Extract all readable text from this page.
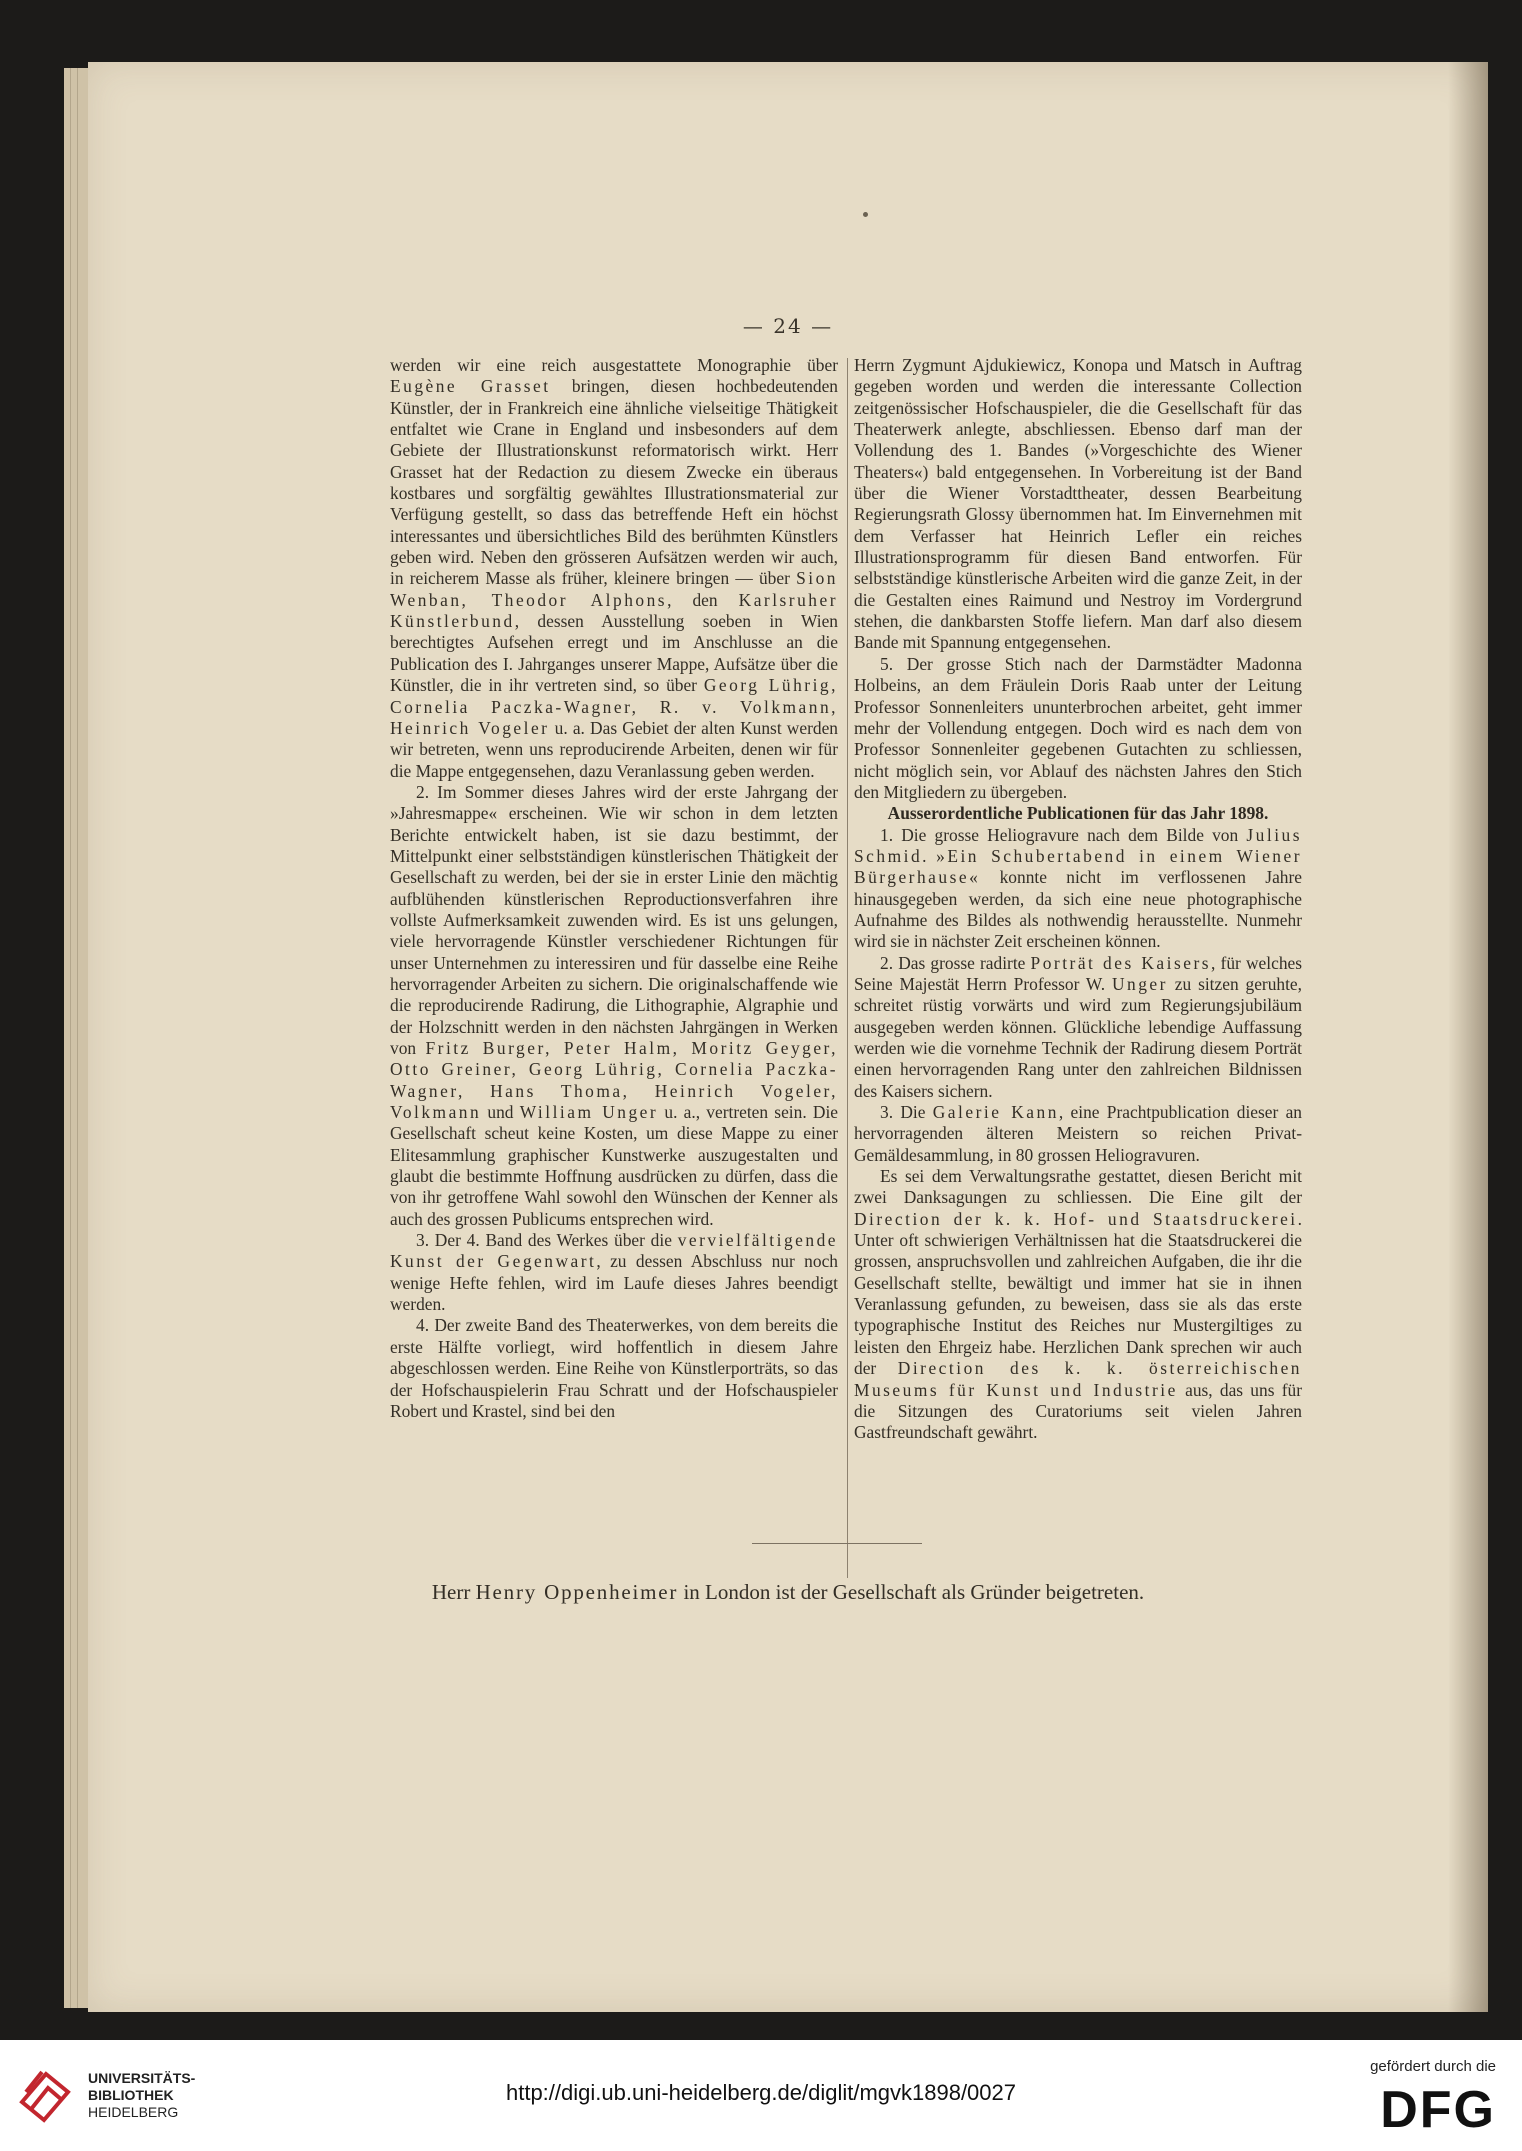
— 24 —

werden wir eine reich ausgestattete Monographie über Eugène Grasset bringen, diesen hochbedeutenden Künstler, der in Frankreich eine ähnliche vielseitige Thätigkeit entfaltet wie Crane in England und insbesonders auf dem Gebiete der Illustrationskunst reformatorisch wirkt. Herr Grasset hat der Redaction zu diesem Zwecke ein überaus kostbares und sorgfältig gewähltes Illustrationsmaterial zur Verfügung gestellt, so dass das betreffende Heft ein höchst interessantes und übersichtliches Bild des berühmten Künstlers geben wird. Neben den grösseren Aufsätzen werden wir auch, in reicherem Masse als früher, kleinere bringen — über Sion Wenban, Theodor Alphons, den Karlsruher Künstlerbund, dessen Ausstellung soeben in Wien berechtigtes Aufsehen erregt und im Anschlusse an die Publication des I. Jahrganges unserer Mappe, Aufsätze über die Künstler, die in ihr vertreten sind, so über Georg Lührig, Cornelia Paczka-Wagner, R. v. Volkmann, Heinrich Vogeler u. a. Das Gebiet der alten Kunst werden wir betreten, wenn uns reproducirende Arbeiten, denen wir für die Mappe entgegensehen, dazu Veranlassung geben werden.

2. Im Sommer dieses Jahres wird der erste Jahrgang der »Jahresmappe« erscheinen. Wie wir schon in dem letzten Berichte entwickelt haben, ist sie dazu bestimmt, der Mittelpunkt einer selbstständigen künstlerischen Thätigkeit der Gesellschaft zu werden, bei der sie in erster Linie den mächtig aufblühenden künstlerischen Reproductionsverfahren ihre vollste Aufmerksamkeit zuwenden wird. Es ist uns gelungen, viele hervorragende Künstler verschiedener Richtungen für unser Unternehmen zu interessiren und für dasselbe eine Reihe hervorragender Arbeiten zu sichern. Die originalschaffende wie die reproducirende Radirung, die Lithographie, Algraphie und der Holzschnitt werden in den nächsten Jahrgängen in Werken von Fritz Burger, Peter Halm, Moritz Geyger, Otto Greiner, Georg Lührig, Cornelia Paczka-Wagner, Hans Thoma, Heinrich Vogeler, Volkmann und William Unger u. a., vertreten sein. Die Gesellschaft scheut keine Kosten, um diese Mappe zu einer Elitesammlung graphischer Kunstwerke auszugestalten und glaubt die bestimmte Hoffnung ausdrücken zu dürfen, dass die von ihr getroffene Wahl sowohl den Wünschen der Kenner als auch des grossen Publicums entsprechen wird.

3. Der 4. Band des Werkes über die vervielfältigende Kunst der Gegenwart, zu dessen Abschluss nur noch wenige Hefte fehlen, wird im Laufe dieses Jahres beendigt werden.

4. Der zweite Band des Theaterwerkes, von dem bereits die erste Hälfte vorliegt, wird hoffentlich in diesem Jahre abgeschlossen werden. Eine Reihe von Künstlerporträts, so das der Hofschauspielerin Frau Schratt und der Hofschauspieler Robert und Krastel, sind bei den

Herrn Zygmunt Ajdukiewicz, Konopa und Matsch in Auftrag gegeben worden und werden die interessante Collection zeitgenössischer Hofschauspieler, die die Gesellschaft für das Theaterwerk anlegte, abschliessen. Ebenso darf man der Vollendung des 1. Bandes (»Vorgeschichte des Wiener Theaters«) bald entgegensehen. In Vorbereitung ist der Band über die Wiener Vorstadttheater, dessen Bearbeitung Regierungsrath Glossy übernommen hat. Im Einvernehmen mit dem Verfasser hat Heinrich Lefler ein reiches Illustrationsprogramm für diesen Band entworfen. Für selbstständige künstlerische Arbeiten wird die ganze Zeit, in der die Gestalten eines Raimund und Nestroy im Vordergrund stehen, die dankbarsten Stoffe liefern. Man darf also diesem Bande mit Spannung entgegensehen.

5. Der grosse Stich nach der Darmstädter Madonna Holbeins, an dem Fräulein Doris Raab unter der Leitung Professor Sonnenleiters ununterbrochen arbeitet, geht immer mehr der Vollendung entgegen. Doch wird es nach dem von Professor Sonnenleiter gegebenen Gutachten zu schliessen, nicht möglich sein, vor Ablauf des nächsten Jahres den Stich den Mitgliedern zu übergeben.

Ausserordentliche Publicationen für das Jahr 1898.

1. Die grosse Heliogravure nach dem Bilde von Julius Schmid. »Ein Schubertabend in einem Wiener Bürgerhause« konnte nicht im verflossenen Jahre hinausgegeben werden, da sich eine neue photographische Aufnahme des Bildes als nothwendig herausstellte. Nunmehr wird sie in nächster Zeit erscheinen können.

2. Das grosse radirte Porträt des Kaisers, für welches Seine Majestät Herrn Professor W. Unger zu sitzen geruhte, schreitet rüstig vorwärts und wird zum Regierungsjubiläum ausgegeben werden können. Glückliche lebendige Auffassung werden wie die vornehme Technik der Radirung diesem Porträt einen hervorragenden Rang unter den zahlreichen Bildnissen des Kaisers sichern.

3. Die Galerie Kann, eine Prachtpublication dieser an hervorragenden älteren Meistern so reichen Privat-Gemäldesammlung, in 80 grossen Heliogravuren.

Es sei dem Verwaltungsrathe gestattet, diesen Bericht mit zwei Danksagungen zu schliessen. Die Eine gilt der Direction der k. k. Hof- und Staatsdruckerei. Unter oft schwierigen Verhältnissen hat die Staatsdruckerei die grossen, anspruchsvollen und zahlreichen Aufgaben, die ihr die Gesellschaft stellte, bewältigt und immer hat sie in ihnen Veranlassung gefunden, zu beweisen, dass sie als das erste typographische Institut des Reiches nur Mustergiltiges zu leisten den Ehrgeiz habe. Herzlichen Dank sprechen wir auch der Direction des k. k. österreichischen Museums für Kunst und Industrie aus, das uns für die Sitzungen des Curatoriums seit vielen Jahren Gastfreundschaft gewährt.

Herr Henry Oppenheimer in London ist der Gesellschaft als Gründer beigetreten.
UNIVERSITÄTS-
BIBLIOTHEK
HEIDELBERG
http://digi.ub.uni-heidelberg.de/diglit/mgvk1898/0027
gefördert durch die
DFG
